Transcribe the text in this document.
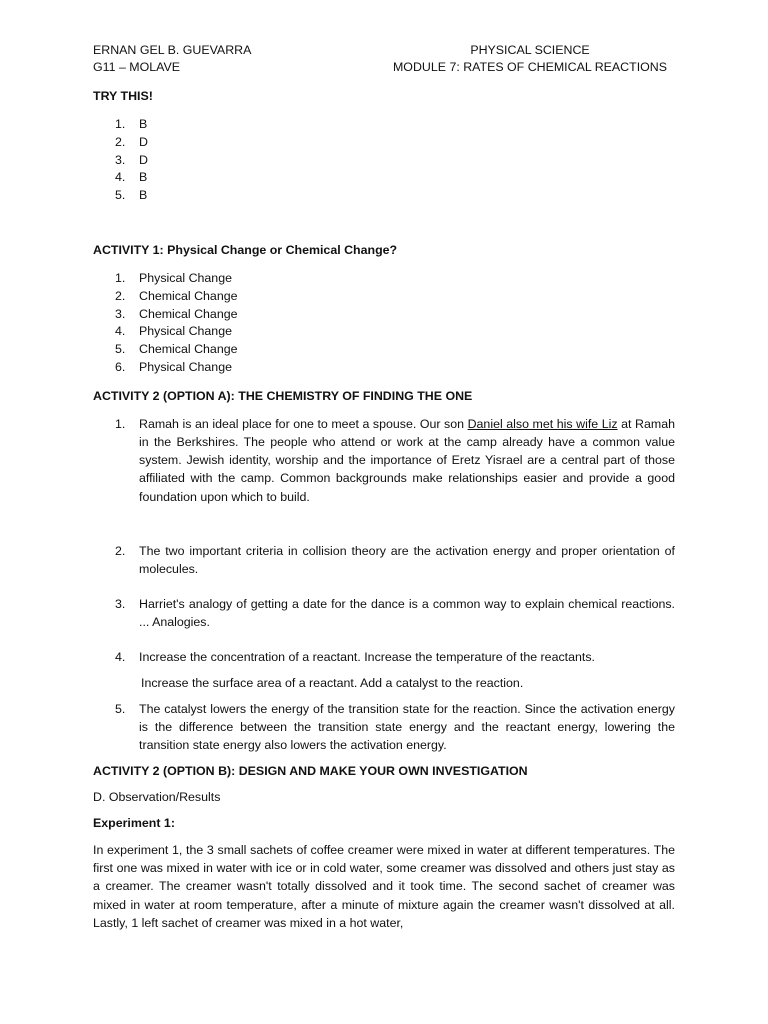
ERNAN GEL B. GUEVARRA
G11 – MOLAVE
PHYSICAL SCIENCE
MODULE 7: RATES OF CHEMICAL REACTIONS

TRY THIS!

1. B
2. D
3. D
4. B
5. B

ACTIVITY 1: Physical Change or Chemical Change?

1. Physical Change
2. Chemical Change
3. Chemical Change
4. Physical Change
5. Chemical Change
6. Physical Change

ACTIVITY 2 (OPTION A): THE CHEMISTRY OF FINDING THE ONE

1. Ramah is an ideal place for one to meet a spouse. Our son Daniel also met his wife Liz at Ramah in the Berkshires. The people who attend or work at the camp already have a common value system. Jewish identity, worship and the importance of Eretz Yisrael are a central part of those affiliated with the camp. Common backgrounds make relationships easier and provide a good foundation upon which to build.
2. The two important criteria in collision theory are the activation energy and proper orientation of molecules.
3. Harriet's analogy of getting a date for the dance is a common way to explain chemical reactions. ... Analogies.
4. Increase the concentration of a reactant. Increase the temperature of the reactants.
Increase the surface area of a reactant. Add a catalyst to the reaction.
5. The catalyst lowers the energy of the transition state for the reaction. Since the activation energy is the difference between the transition state energy and the reactant energy, lowering the transition state energy also lowers the activation energy.

ACTIVITY 2 (OPTION B): DESIGN AND MAKE YOUR OWN INVESTIGATION

D. Observation/Results

Experiment 1:

In experiment 1, the 3 small sachets of coffee creamer were mixed in water at different temperatures. The first one was mixed in water with ice or in cold water, some creamer was dissolved and others just stay as a creamer. The creamer wasn't totally dissolved and it took time. The second sachet of creamer was mixed in water at room temperature, after a minute of mixture again the creamer wasn't dissolved at all. Lastly, 1 left sachet of creamer was mixed in a hot water,
